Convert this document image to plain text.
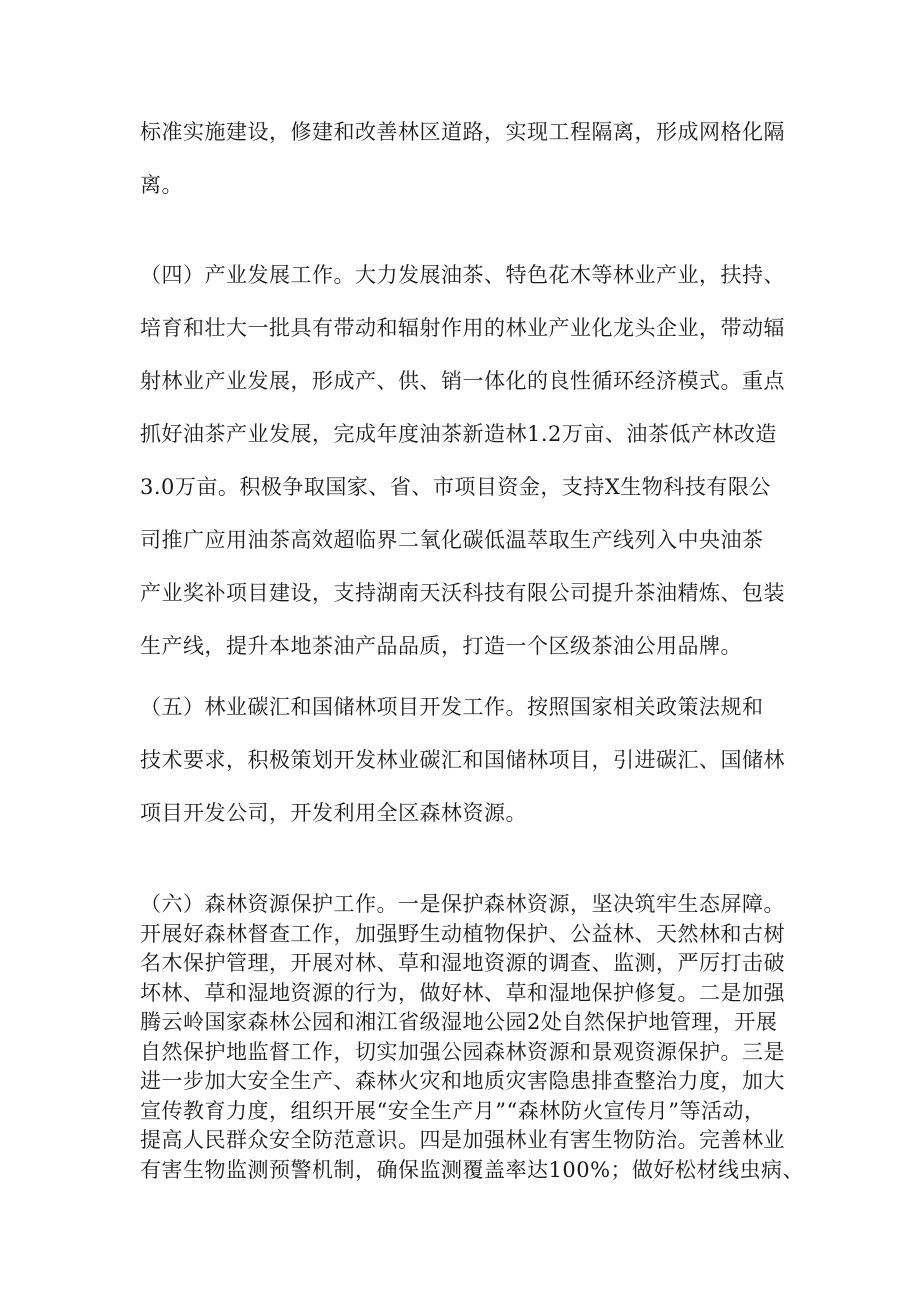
标准实施建设，修建和改善林区道路，实现工程隔离，形成网格化隔
离。
（四）产业发展工作。大力发展油茶、特色花木等林业产业，扶持、
培育和壮大一批具有带动和辐射作用的林业产业化龙头企业，带动辐
射林业产业发展，形成产、供、销一体化的良性循环经济模式。重点
抓好油茶产业发展，完成年度油茶新造林1.2万亩、油茶低产林改造
3.0万亩。积极争取国家、省、市项目资金，支持X生物科技有限公
司推广应用油茶高效超临界二氧化碳低温萃取生产线列入中央油茶
产业奖补项目建设，支持湖南天沃科技有限公司提升茶油精炼、包装
生产线，提升本地茶油产品品质，打造一个区级茶油公用品牌。
（五）林业碳汇和国储林项目开发工作。按照国家相关政策法规和
技术要求，积极策划开发林业碳汇和国储林项目，引进碳汇、国储林
项目开发公司，开发利用全区森林资源。
（六）森林资源保护工作。一是保护森林资源，坚决筑牢生态屏障。
开展好森林督查工作，加强野生动植物保护、公益林、天然林和古树
名木保护管理，开展对林、草和湿地资源的调查、监测，严厉打击破
坏林、草和湿地资源的行为，做好林、草和湿地保护修复。二是加强
腾云岭国家森林公园和湘江省级湿地公园2处自然保护地管理，开展
自然保护地监督工作，切实加强公园森林资源和景观资源保护。三是
进一步加大安全生产、森林火灾和地质灾害隐患排查整治力度，加大
宣传教育力度，组织开展“安全生产月”“森林防火宣传月”等活动，
提高人民群众安全防范意识。四是加强林业有害生物防治。完善林业
有害生物监测预警机制，确保监测覆盖率达100%；做好松材线虫病、
